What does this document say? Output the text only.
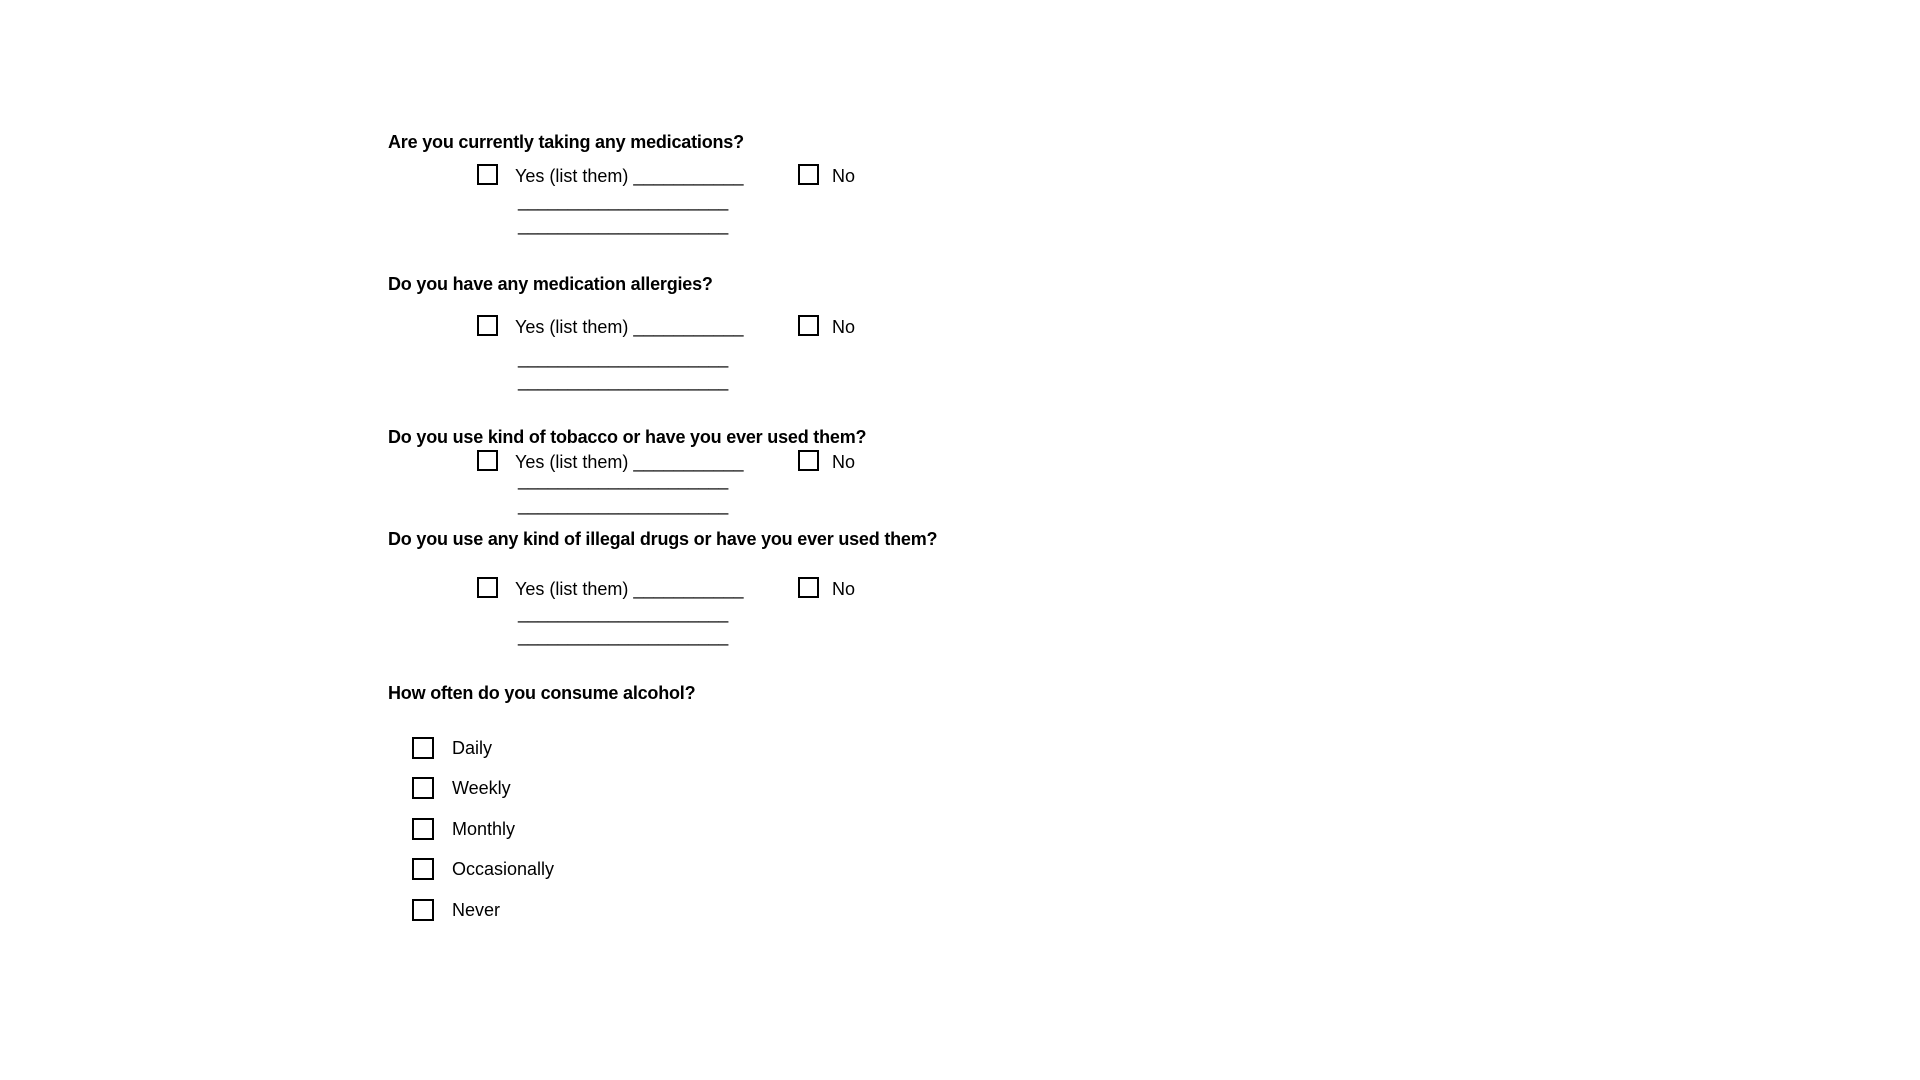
Are you currently taking any medications?
Yes (list them) ___________	No
_____________________
_____________________
Do you have any medication allergies?
Yes (list them) ___________	No
_____________________
_____________________
Do you use kind of tobacco or have you ever used them?
Yes (list them) ___________	No
_____________________
_____________________
Do you use any kind of illegal drugs or have you ever used them?
Yes (list them) ___________	No
_____________________
_____________________
How often do you consume alcohol?
Daily
Weekly
Monthly
Occasionally
Never
